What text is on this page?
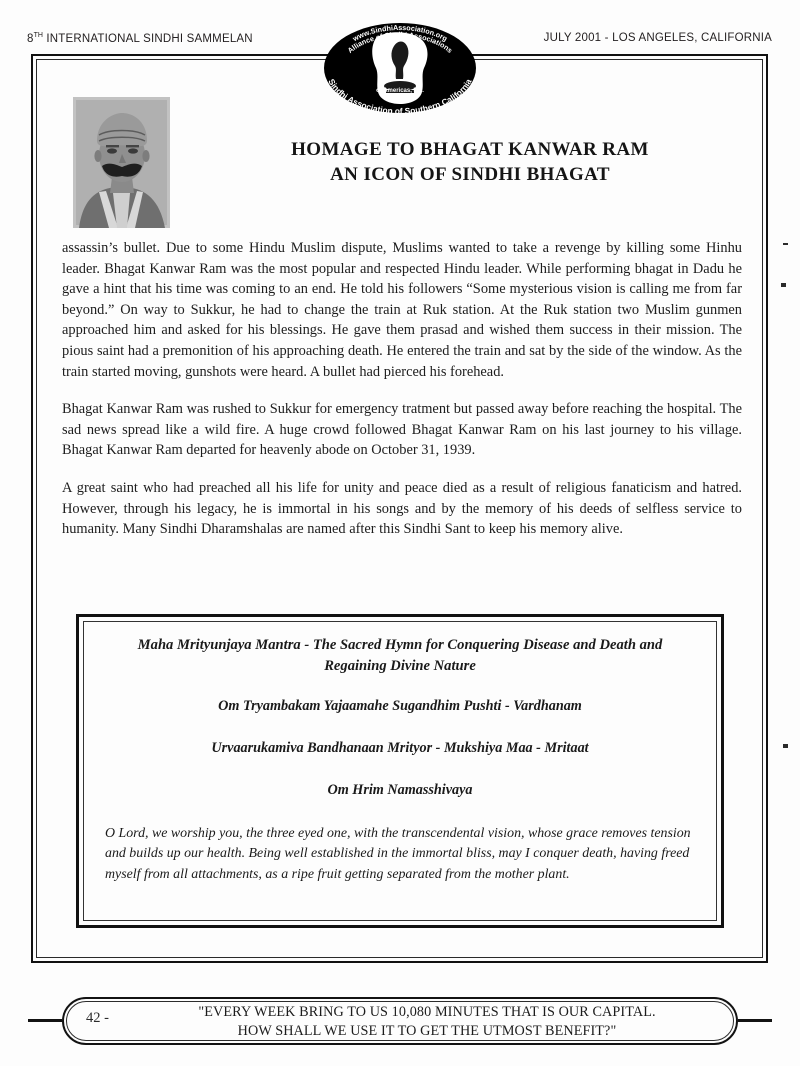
8TH INTERNATIONAL SINDHI SAMMELAN	JULY 2001 - LOS ANGELES, CALIFORNIA
www.SindhiAssociation.org
Alliance of Sindhi Associations
of Americas, Inc.
Sindhi Association of Southern California
HOMAGE TO BHAGAT KANWAR RAM
AN ICON OF SINDHI BHAGAT

assassin’s bullet. Due to some Hindu Muslim dispute, Muslims wanted to take a revenge by killing some Hinhu leader. Bhagat Kanwar Ram was the most popular and respected Hindu leader. While performing bhagat in Dadu he gave a hint that his time was coming to an end. He told his followers “Some mysterious vision is calling me from far beyond.” On way to Sukkur, he had to change the train at Ruk station. At the Ruk station two Muslim gunmen approached him and asked for his blessings. He gave them prasad and wished them success in their mission. The pious saint had a premonition of his approaching death. He entered the train and sat by the side of the window. As the train started moving, gunshots were heard. A bullet had pierced his forehead.

Bhagat Kanwar Ram was rushed to Sukkur for emergency tratment but passed away before reaching the hospital. The sad news spread like a wild fire. A huge crowd followed Bhagat Kanwar Ram on his last journey to his village. Bhagat Kanwar Ram departed for heavenly abode on October 31, 1939.

A great saint who had preached all his life for unity and peace died as a result of religious fanaticism and hatred. However, through his legacy, he is immortal in his songs and by the memory of his deeds of selfless service to humanity. Many Sindhi Dharamshalas are named after this Sindhi Sant to keep his memory alive.

Maha Mrityunjaya Mantra - The Sacred Hymn for Conquering Disease and Death and Regaining Divine Nature
Om Tryambakam Yajaamahe Sugandhim Pushti - Vardhanam
Urvaarukamiva Bandhanaan Mrityor - Mukshiya Maa - Mritaat
Om Hrim Namasshivaya
O Lord, we worship you, the three eyed one, with the transcendental vision, whose grace removes tension and builds up our health. Being well established in the immortal bliss, may I conquer death, having freed myself from all attachments, as a ripe fruit getting separated from the mother plant.
42 -	"EVERY WEEK BRING TO US 10,080 MINUTES THAT IS OUR CAPITAL.
HOW SHALL WE USE IT TO GET THE UTMOST BENEFIT?"
